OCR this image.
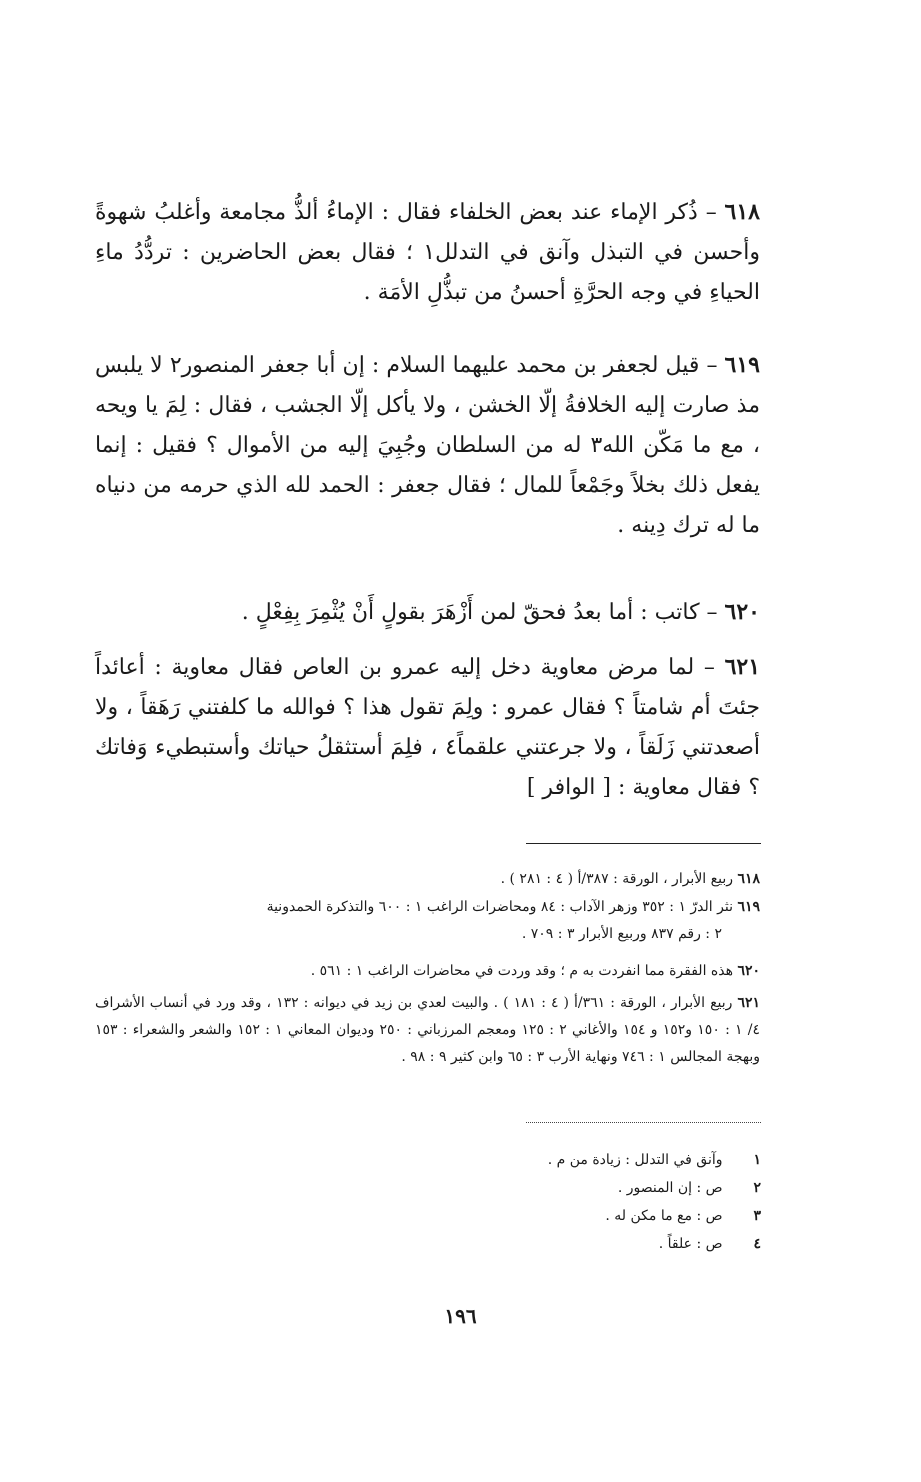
٦١٨ – ذُكر الإماء عند بعض الخلفاء فقال : الإماءُ ألذُّ مجامعة وأغلبُ شهوةً وأحسن في التبذل وآنق في التدلل١ ؛ فقال بعض الحاضرين : تردُّدُ ماءِ الحياءِ في وجه الحرَّةِ أحسنُ من تبذُّلِ الأمَة .

٦١٩ – قيل لجعفر بن محمد عليهما السلام : إن أبا جعفر المنصور٢ لا يلبس مذ صارت إليه الخلافةُ إلّا الخشن ، ولا يأكل إلّا الجشب ، فقال : لِمَ يا ويحه ، مع ما مَكّن الله٣ له من السلطان وجُبِيَ إليه من الأموال ؟ فقيل : إنما يفعل ذلك بخلاً وجَمْعاً للمال ؛ فقال جعفر : الحمد لله الذي حرمه من دنياه ما له ترك دِينه .

٦٢٠ – كاتب : أما بعدُ فحقّ لمن أَزْهَرَ بقولٍ أَنْ يُثْمِرَ بِفِعْلٍ .

٦٢١ – لما مرض معاوية دخل إليه عمرو بن العاص فقال معاوية : أعائداً جئتَ أم شامتاً ؟ فقال عمرو : ولِمَ تقول هذا ؟ فوالله ما كلفتني رَهَقاً ، ولا أصعدتني زَلَقاً ، ولا جرعتني علقماً٤ ، فلِمَ أستثقلُ حياتك وأستبطيء وَفاتك ؟ فقال معاوية : [ الوافر ]

٦١٨ ربيع الأبرار ، الورقة : ٣٨٧/أ ( ٤ : ٢٨١ ) .

٦١٩ نثر الدرّ ١ : ٣٥٢ وزهر الآداب : ٨٤ ومحاضرات الراغب ١ : ٦٠٠ والتذكرة الحمدونية
٢ : رقم ٨٣٧ وربيع الأبرار ٣ : ٧٠٩ .

٦٢٠ هذه الفقرة مما انفردت به م ؛ وقد وردت في محاضرات الراغب ١ : ٥٦١ .

٦٢١ ربيع الأبرار ، الورقة : ٣٦١/أ ( ٤ : ١٨١ ) . والبيت لعدي بن زيد في ديوانه : ١٣٢ ، وقد ورد في أنساب الأشراف ٤/ ١ : ١٥٠ و١٥٢ و ١٥٤ والأغاني ٢ : ١٢٥ ومعجم المرزباني : ٢٥٠ وديوان المعاني ١ : ١٥٢ والشعر والشعراء : ١٥٣ وبهجة المجالس ١ : ٧٤٦ ونهاية الأرب ٣ : ٦٥ وابن كثير ٩ : ٩٨ .

١ وآنق في التدلل : زيادة من م .
٢ ص : إن المنصور .
٣ ص : مع ما مكن له .
٤ ص : علقاً .
١٩٦
